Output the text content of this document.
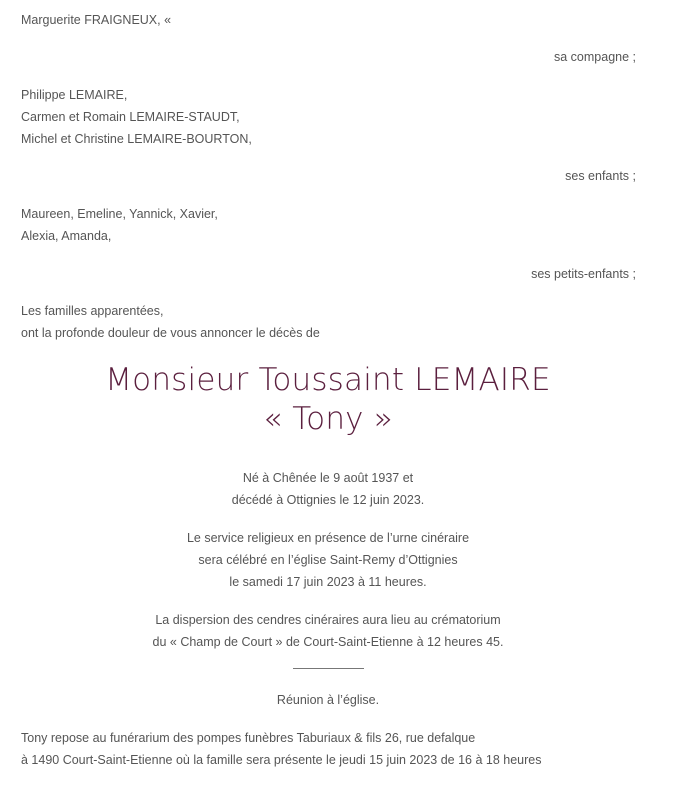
Marguerite FRAIGNEUX, «
sa compagne ;
Philippe LEMAIRE,
Carmen et Romain LEMAIRE-STAUDT,
Michel et Christine LEMAIRE-BOURTON,
ses enfants ;
Maureen, Emeline, Yannick, Xavier,
Alexia, Amanda,
ses petits-enfants ;
Les familles apparentées,
ont la profonde douleur de vous annoncer le décès de
Monsieur Toussaint LEMAIRE
« Tony »
Né à Chênée le 9 août 1937 et
décédé à Ottignies le 12 juin 2023.
Le service religieux en présence de l’urne cinéraire
sera célébré en l’église Saint-Remy d’Ottignies
le samedi 17 juin 2023 à 11 heures.
La dispersion des cendres cinéraires aura lieu au crématorium
du « Champ de Court » de Court-Saint-Etienne à 12 heures 45.
Réunion à l’église.
Tony repose au funérarium des pompes funèbres Taburiaux & fils 26, rue defalque
à 1490 Court-Saint-Etienne où la famille sera présente le jeudi 15 juin 2023 de 16 à 18 heures
